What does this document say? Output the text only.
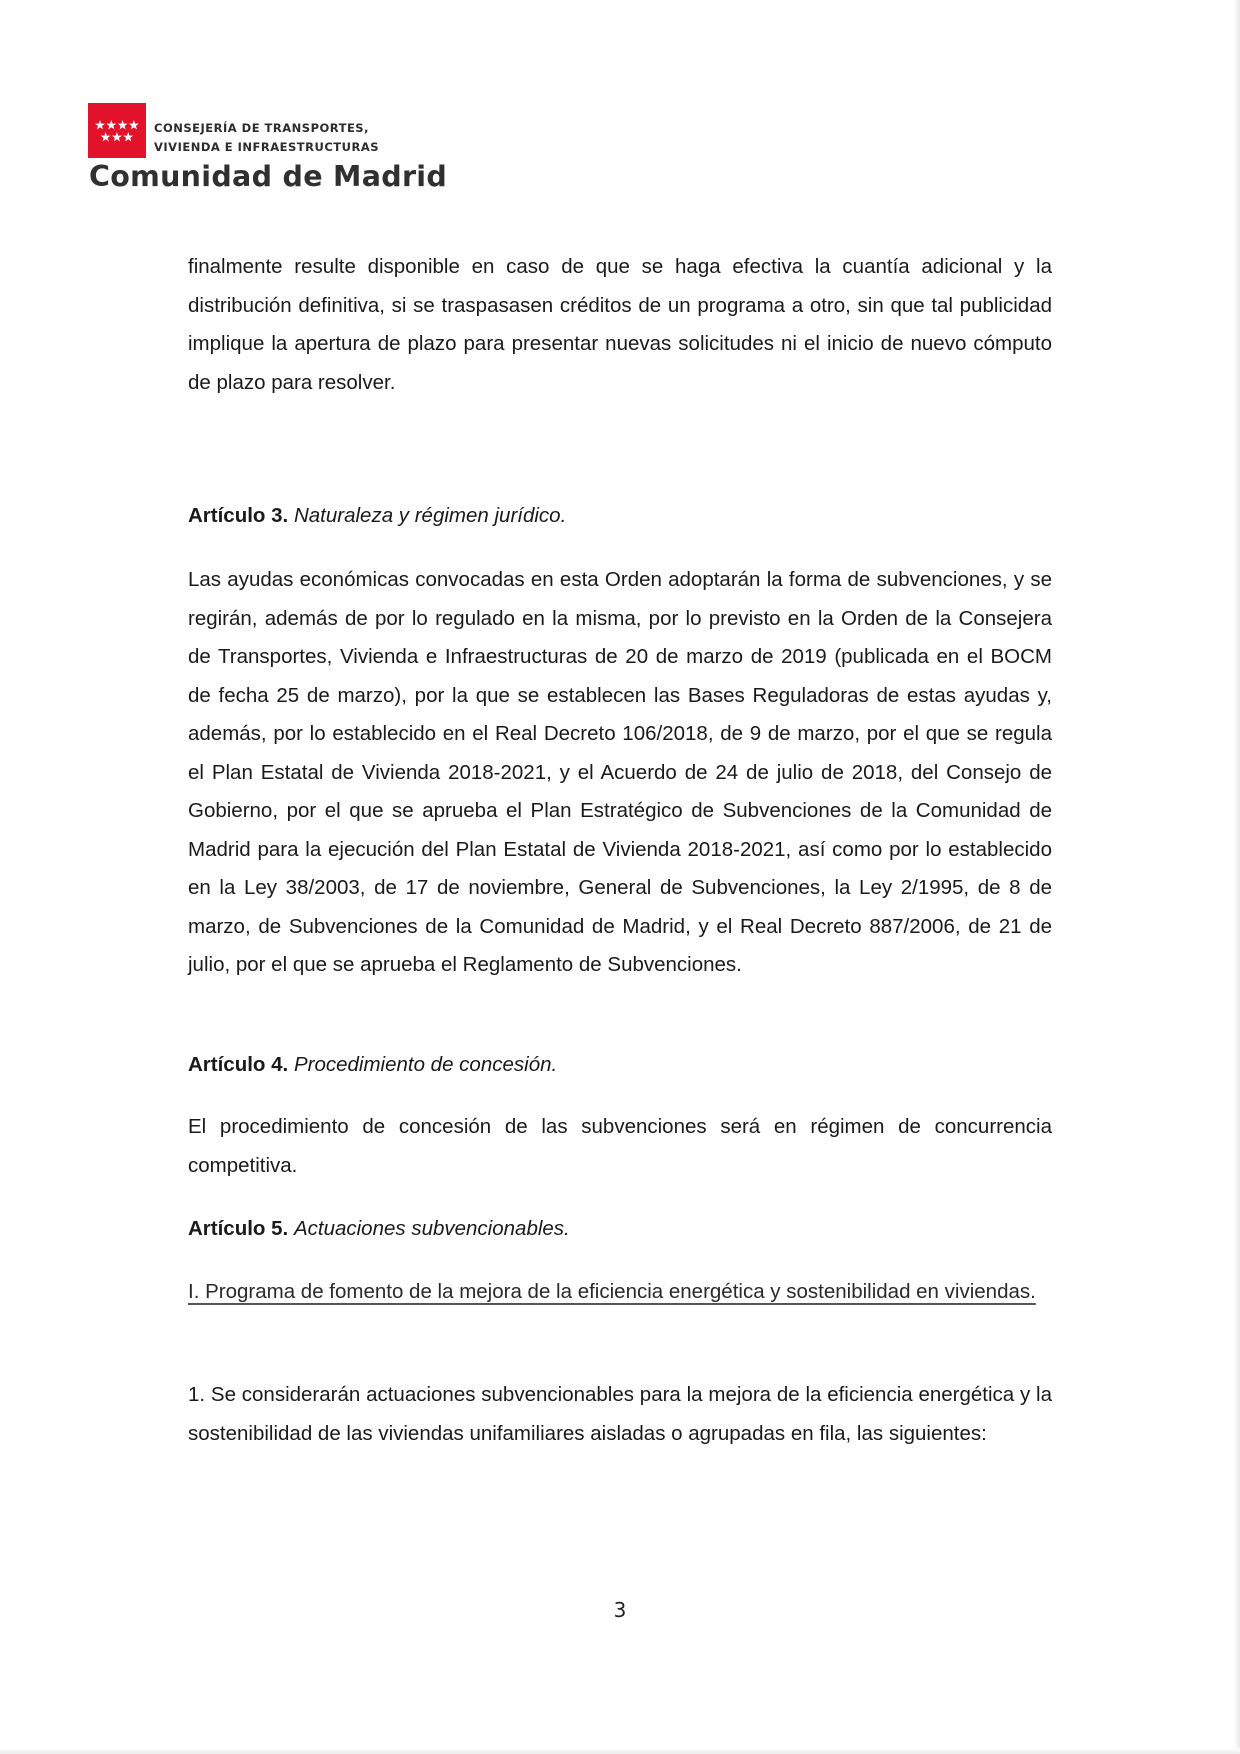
CONSEJERÍA DE TRANSPORTES,
VIVIENDA E INFRAESTRUCTURAS
Comunidad de Madrid

finalmente resulte disponible en caso de que se haga efectiva la cuantía adicional y la distribución definitiva, si se traspasasen créditos de un programa a otro, sin que tal publicidad implique la apertura de plazo para presentar nuevas solicitudes ni el inicio de nuevo cómputo de plazo para resolver.

Artículo 3. Naturaleza y régimen jurídico.

Las ayudas económicas convocadas en esta Orden adoptarán la forma de subvenciones, y se regirán, además de por lo regulado en la misma, por lo previsto en la Orden de la Consejera de Transportes, Vivienda e Infraestructuras de 20 de marzo de 2019 (publicada en el BOCM de fecha 25 de marzo), por la que se establecen las Bases Reguladoras de estas ayudas y, además, por lo establecido en el Real Decreto 106/2018, de 9 de marzo, por el que se regula el Plan Estatal de Vivienda 2018-2021, y el Acuerdo de 24 de julio de 2018, del Consejo de Gobierno, por el que se aprueba el Plan Estratégico de Subvenciones de la Comunidad de Madrid para la ejecución del Plan Estatal de Vivienda 2018-2021, así como por lo establecido en la Ley 38/2003, de 17 de noviembre, General de Subvenciones, la Ley 2/1995, de 8 de marzo, de Subvenciones de la Comunidad de Madrid, y el Real Decreto 887/2006, de 21 de julio, por el que se aprueba el Reglamento de Subvenciones.

Artículo 4. Procedimiento de concesión.

El procedimiento de concesión de las subvenciones será en régimen de concurrencia competitiva.

Artículo 5. Actuaciones subvencionables.

I. Programa de fomento de la mejora de la eficiencia energética y sostenibilidad en viviendas.

1. Se considerarán actuaciones subvencionables para la mejora de la eficiencia energética y la sostenibilidad de las viviendas unifamiliares aisladas o agrupadas en fila, las siguientes:

3
